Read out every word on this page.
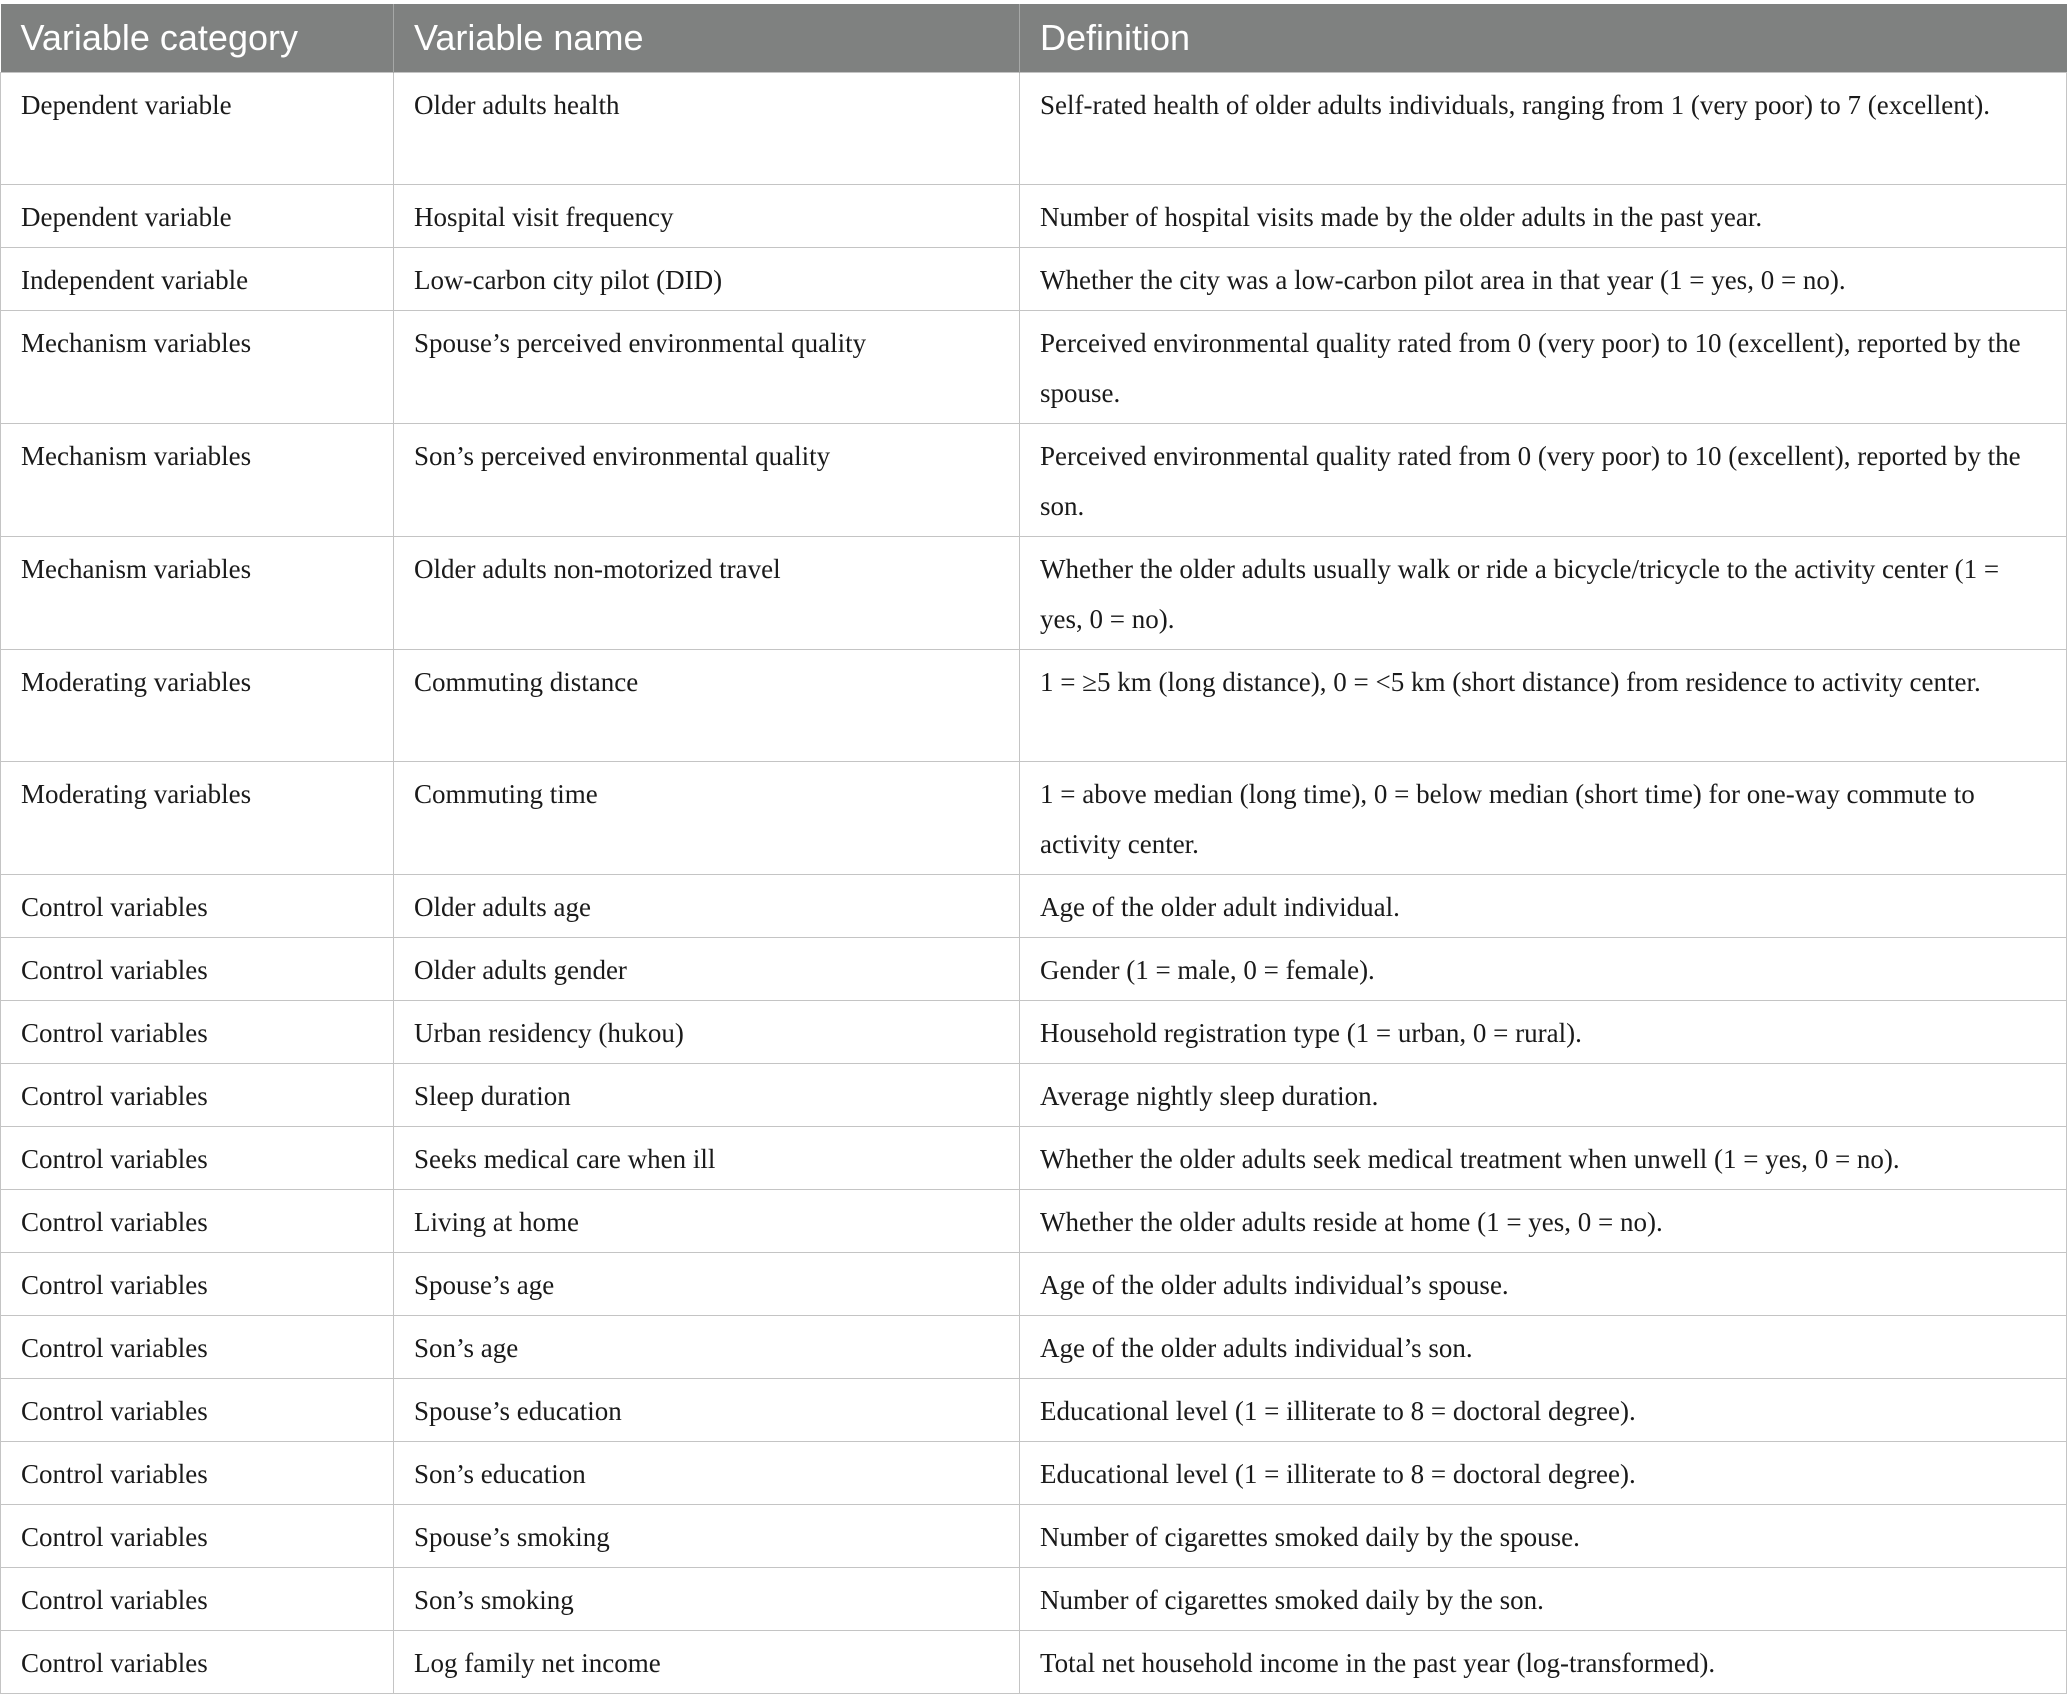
Variable category	Variable name	Definition
Dependent variable	Older adults health	Self-rated health of older adults individuals, ranging from 1 (very poor) to 7 (excellent).
Dependent variable	Hospital visit frequency	Number of hospital visits made by the older adults in the past year.
Independent variable	Low-carbon city pilot (DID)	Whether the city was a low-carbon pilot area in that year (1 = yes, 0 = no).
Mechanism variables	Spouse’s perceived environmental quality	Perceived environmental quality rated from 0 (very poor) to 10 (excellent), reported by the spouse.
Mechanism variables	Son’s perceived environmental quality	Perceived environmental quality rated from 0 (very poor) to 10 (excellent), reported by the son.
Mechanism variables	Older adults non-motorized travel	Whether the older adults usually walk or ride a bicycle/tricycle to the activity center (1 = yes, 0 = no).
Moderating variables	Commuting distance	1 = ≥5 km (long distance), 0 = <5 km (short distance) from residence to activity center.
Moderating variables	Commuting time	1 = above median (long time), 0 = below median (short time) for one-way commute to activity center.
Control variables	Older adults age	Age of the older adult individual.
Control variables	Older adults gender	Gender (1 = male, 0 = female).
Control variables	Urban residency (hukou)	Household registration type (1 = urban, 0 = rural).
Control variables	Sleep duration	Average nightly sleep duration.
Control variables	Seeks medical care when ill	Whether the older adults seek medical treatment when unwell (1 = yes, 0 = no).
Control variables	Living at home	Whether the older adults reside at home (1 = yes, 0 = no).
Control variables	Spouse’s age	Age of the older adults individual’s spouse.
Control variables	Son’s age	Age of the older adults individual’s son.
Control variables	Spouse’s education	Educational level (1 = illiterate to 8 = doctoral degree).
Control variables	Son’s education	Educational level (1 = illiterate to 8 = doctoral degree).
Control variables	Spouse’s smoking	Number of cigarettes smoked daily by the spouse.
Control variables	Son’s smoking	Number of cigarettes smoked daily by the son.
Control variables	Log family net income	Total net household income in the past year (log-transformed).
